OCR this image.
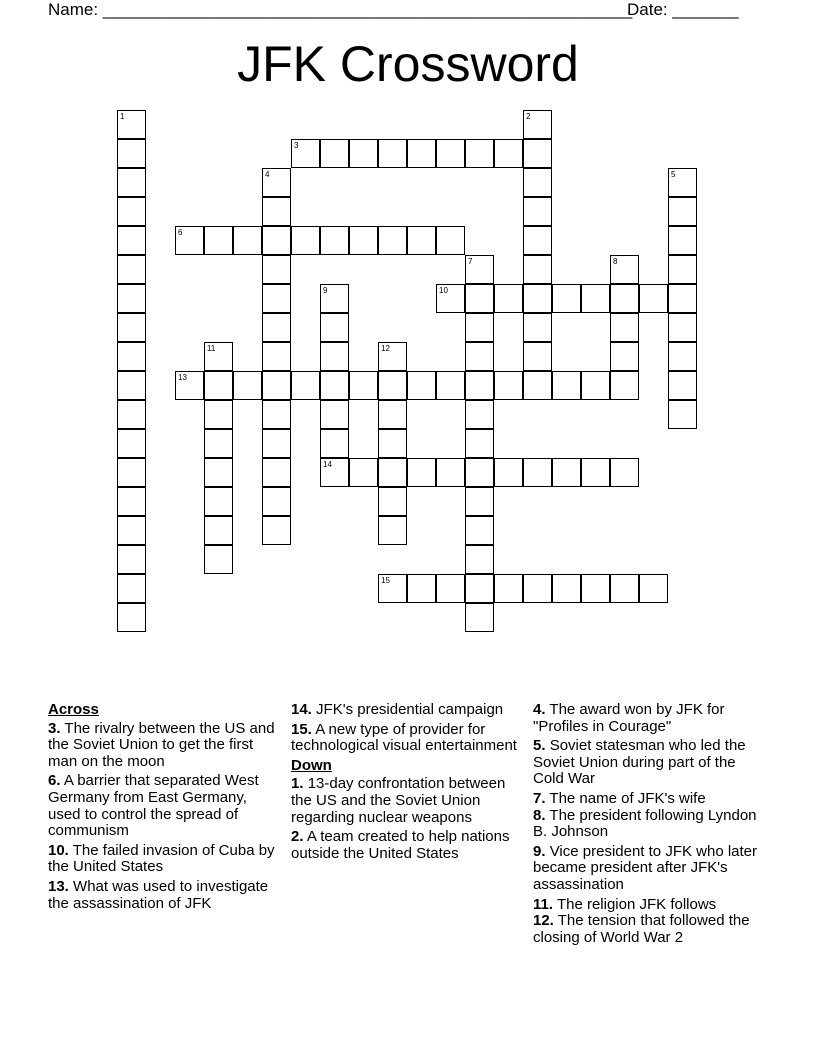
Name: ________________________________________________________
Date: _______
JFK Crossword
1	2
3
4	5
6
7	8
9
14
10
11	12
13
15
Across
3. The rivalry between the US and the Soviet Union to get the first man on the moon
6. A barrier that separated West Germany from East Germany, used to control the spread of communism
10. The failed invasion of Cuba by the United States
13. What was used to investigate the assassination of JFK
14. JFK's presidential campaign
15. A new type of provider for technological visual entertainment
Down
1. 13-day confrontation between the US and the Soviet Union regarding nuclear weapons
2. A team created to help nations outside the United States
4. The award won by JFK for "Profiles in Courage"
5. Soviet statesman who led the Soviet Union during part of the Cold War
7. The name of JFK's wife
8. The president following Lyndon B. Johnson
9. Vice president to JFK who later became president after JFK's assassination
11. The religion JFK follows
12. The tension that followed the closing of World War 2
